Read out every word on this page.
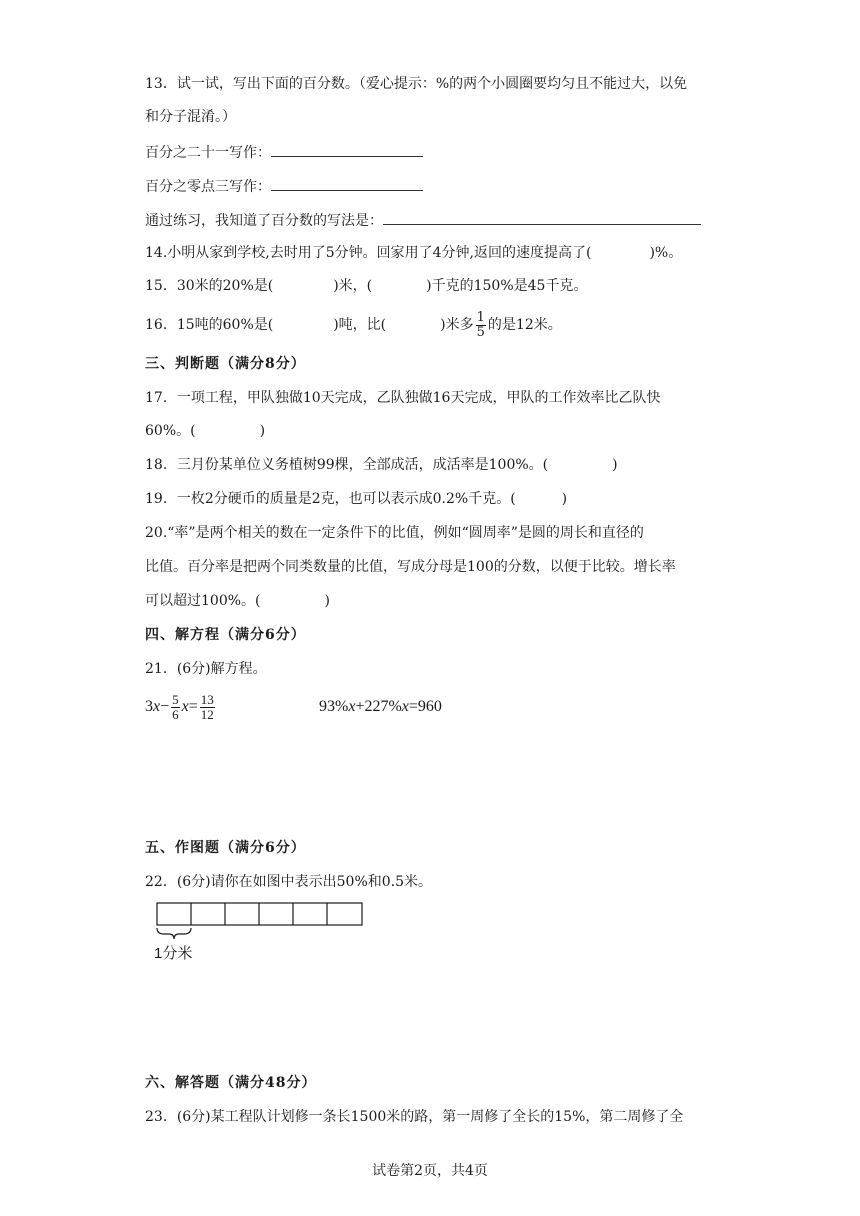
13．试一试，写出下面的百分数。（爱心提示：%的两个小圆圈要均匀且不能过大，以免
和分子混淆。）
百分之二十一写作：
百分之零点三写作：
通过练习，我知道了百分数的写法是：
14.小明从家到学校,去时用了5分钟。回家用了4分钟,返回的速度提高了(	)%。
15．30米的20%是(	)米，(	)千克的150%是45千克。
16．15吨的60%是(	)吨，比(	)米多 $\frac{1}{5}$ 的是12米。
三、判断题（满分8分）
17．一项工程，甲队独做10天完成，乙队独做16天完成，甲队的工作效率比乙队快
60%。(	)
18．三月份某单位义务植树99棵，全部成活，成活率是100%。(	)
19．一枚2分硬币的质量是2克，也可以表示成0.2%千克。(	)
20.“率”是两个相关的数在一定条件下的比值，例如“圆周率”是圆的周长和直径的
比值。百分率是把两个同类数量的比值，写成分母是100的分数，以便于比较。增长率
可以超过100%。(	)
四、解方程（满分6分）
21．(6分)解方程。
$3x- \frac{5}{6} x= \frac{13}{12}$	93%x+227%x=960
五、作图题（满分6分）
22．(6分)请你在如图中表示出50%和0.5米。
1分米
六、解答题（满分48分）
23．(6分)某工程队计划修一条长1500米的路，第一周修了全长的15%，第二周修了全
试卷第2页，共4页
